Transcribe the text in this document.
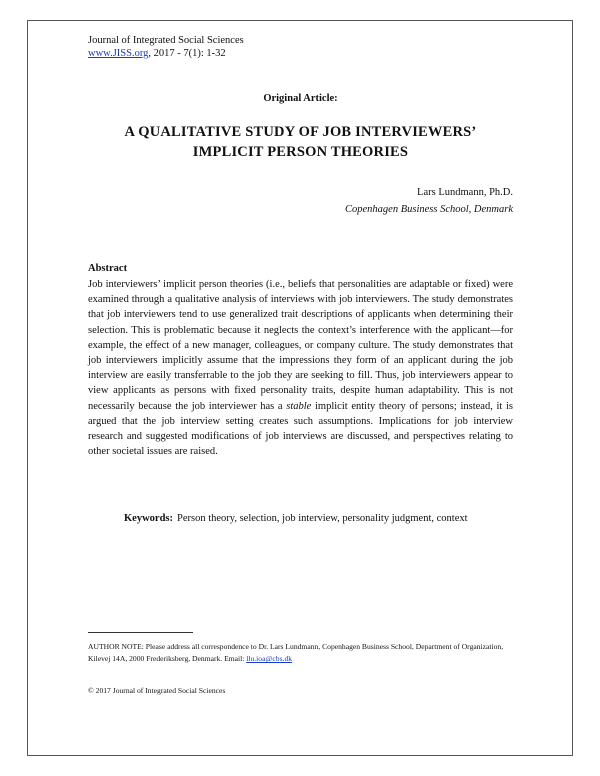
Journal of Integrated Social Sciences
www.JISS.org, 2017 - 7(1): 1-32
Original Article:
A QUALITATIVE STUDY OF JOB INTERVIEWERS’
IMPLICIT PERSON THEORIES
Lars Lundmann, Ph.D.
Copenhagen Business School, Denmark
Abstract
Job interviewers’ implicit person theories (i.e., beliefs that personalities are adaptable or fixed) were examined through a qualitative analysis of interviews with job interviewers. The study demonstrates that job interviewers tend to use generalized trait descriptions of applicants when determining their selection. This is problematic because it neglects the context’s interference with the applicant—for example, the effect of a new manager, colleagues, or company culture. The study demonstrates that job interviewers implicitly assume that the impressions they form of an applicant during the job interview are easily transferrable to the job they are seeking to fill. Thus, job interviewers appear to view applicants as persons with fixed personality traits, despite human adaptability. This is not necessarily because the job interviewer has a stable implicit entity theory of persons; instead, it is argued that the job interview setting creates such assumptions. Implications for job interview research and suggested modifications of job interviews are discussed, and perspectives relating to other societal issues are raised.
Keywords: Person theory, selection, job interview, personality judgment, context
AUTHOR NOTE: Please address all correspondence to Dr. Lars Lundmann, Copenhagen Business School, Department of Organization, Kilevej 14A, 2000 Frederiksberg, Denmark. Email: llu.ioa@cbs.dk
© 2017 Journal of Integrated Social Sciences
